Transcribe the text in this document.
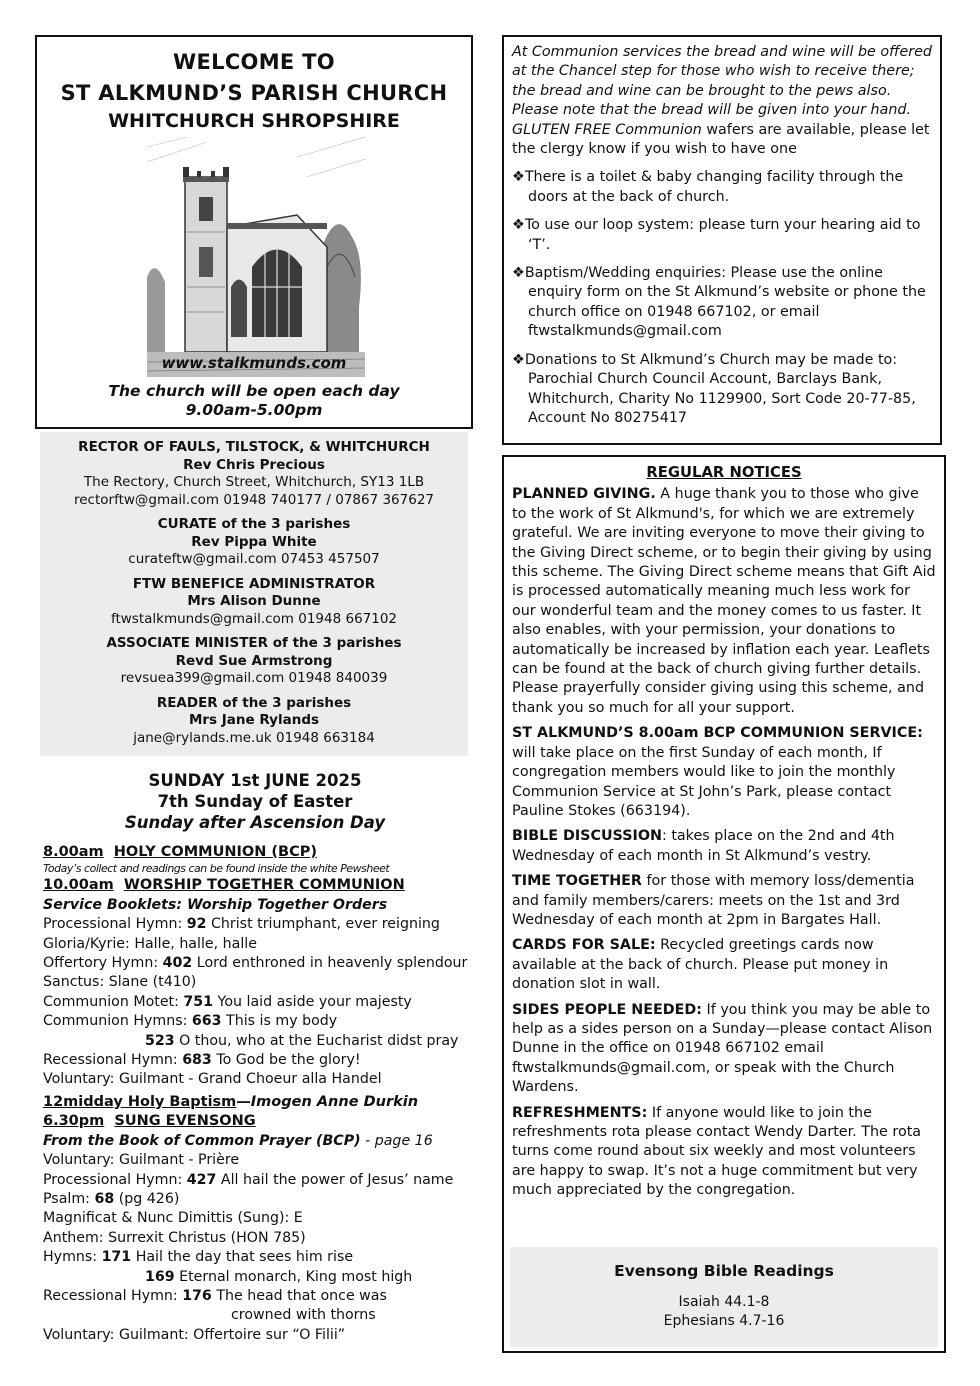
WELCOME TO
ST ALKMUND’S PARISH CHURCH
WHITCHURCH SHROPSHIRE
www.stalkmunds.com
The church will be open each day
9.00am-5.00pm
RECTOR OF FAULS, TILSTOCK, & WHITCHURCH
Rev Chris Precious
The Rectory, Church Street, Whitchurch, SY13 1LB
rectorftw@gmail.com 01948 740177 / 07867 367627
CURATE of the 3 parishes
Rev Pippa White
curateftw@gmail.com 07453 457507
FTW BENEFICE ADMINISTRATOR
Mrs Alison Dunne
ftwstalkmunds@gmail.com 01948 667102
ASSOCIATE MINISTER of the 3 parishes
Revd Sue Armstrong
revsuea399@gmail.com 01948 840039
READER of the 3 parishes
Mrs Jane Rylands
jane@rylands.me.uk 01948 663184
SUNDAY 1st JUNE 2025
7th Sunday of Easter
Sunday after Ascension Day
8.00am HOLY COMMUNION (BCP)
Today’s collect and readings can be found inside the white Pewsheet
10.00am WORSHIP TOGETHER COMMUNION
Service Booklets: Worship Together Orders
Processional Hymn: 92 Christ triumphant, ever reigning
Gloria/Kyrie: Halle, halle, halle
Offertory Hymn: 402 Lord enthroned in heavenly splendour
Sanctus: Slane (t410)
Communion Motet: 751 You laid aside your majesty
Communion Hymns: 663 This is my body
523 O thou, who at the Eucharist didst pray
Recessional Hymn: 683 To God be the glory!
Voluntary: Guilmant - Grand Choeur alla Handel
12midday Holy Baptism—Imogen Anne Durkin
6.30pm SUNG EVENSONG
From the Book of Common Prayer (BCP) - page 16
Voluntary: Guilmant - Prière
Processional Hymn: 427 All hail the power of Jesus’ name
Psalm: 68 (pg 426)
Magnificat & Nunc Dimittis (Sung): E
Anthem: Surrexit Christus (HON 785)
Hymns: 171 Hail the day that sees him rise
169 Eternal monarch, King most high
Recessional Hymn: 176 The head that once was
crowned with thorns
Voluntary: Guilmant: Offertoire sur “O Filii”
At Communion services the bread and wine will be offered at the Chancel step for those who wish to receive there; the bread and wine can be brought to the pews also. Please note that the bread will be given into your hand. GLUTEN FREE Communion wafers are available, please let the clergy know if you wish to have one
❖There is a toilet & baby changing facility through the doors at the back of church.
❖To use our loop system: please turn your hearing aid to ‘T’.
❖Baptism/Wedding enquiries: Please use the online enquiry form on the St Alkmund’s website or phone the church office on 01948 667102, or email ftwstalkmunds@gmail.com
❖Donations to St Alkmund’s Church may be made to: Parochial Church Council Account, Barclays Bank, Whitchurch, Charity No 1129900, Sort Code 20-77-85, Account No 80275417
REGULAR NOTICES
PLANNED GIVING. A huge thank you to those who give to the work of St Alkmund's, for which we are extremely grateful. We are inviting everyone to move their giving to the Giving Direct scheme, or to begin their giving by using this scheme. The Giving Direct scheme means that Gift Aid is processed automatically meaning much less work for our wonderful team and the money comes to us faster. It also enables, with your permission, your donations to automatically be increased by inflation each year. Leaflets can be found at the back of church giving further details. Please prayerfully consider giving using this scheme, and thank you so much for all your support.
ST ALKMUND’S 8.00am BCP COMMUNION SERVICE: will take place on the first Sunday of each month, If congregation members would like to join the monthly Communion Service at St John’s Park, please contact Pauline Stokes (663194).
BIBLE DISCUSSION: takes place on the 2nd and 4th Wednesday of each month in St Alkmund’s vestry.
TIME TOGETHER for those with memory loss/dementia and family members/carers: meets on the 1st and 3rd Wednesday of each month at 2pm in Bargates Hall.
CARDS FOR SALE: Recycled greetings cards now available at the back of church. Please put money in donation slot in wall.
SIDES PEOPLE NEEDED: If you think you may be able to help as a sides person on a Sunday—please contact Alison Dunne in the office on 01948 667102 email ftwstalkmunds@gmail.com, or speak with the Church Wardens.
REFRESHMENTS: If anyone would like to join the refreshments rota please contact Wendy Darter. The rota turns come round about six weekly and most volunteers are happy to swap. It’s not a huge commitment but very much appreciated by the congregation.
Evensong Bible Readings
Isaiah 44.1-8
Ephesians 4.7-16
